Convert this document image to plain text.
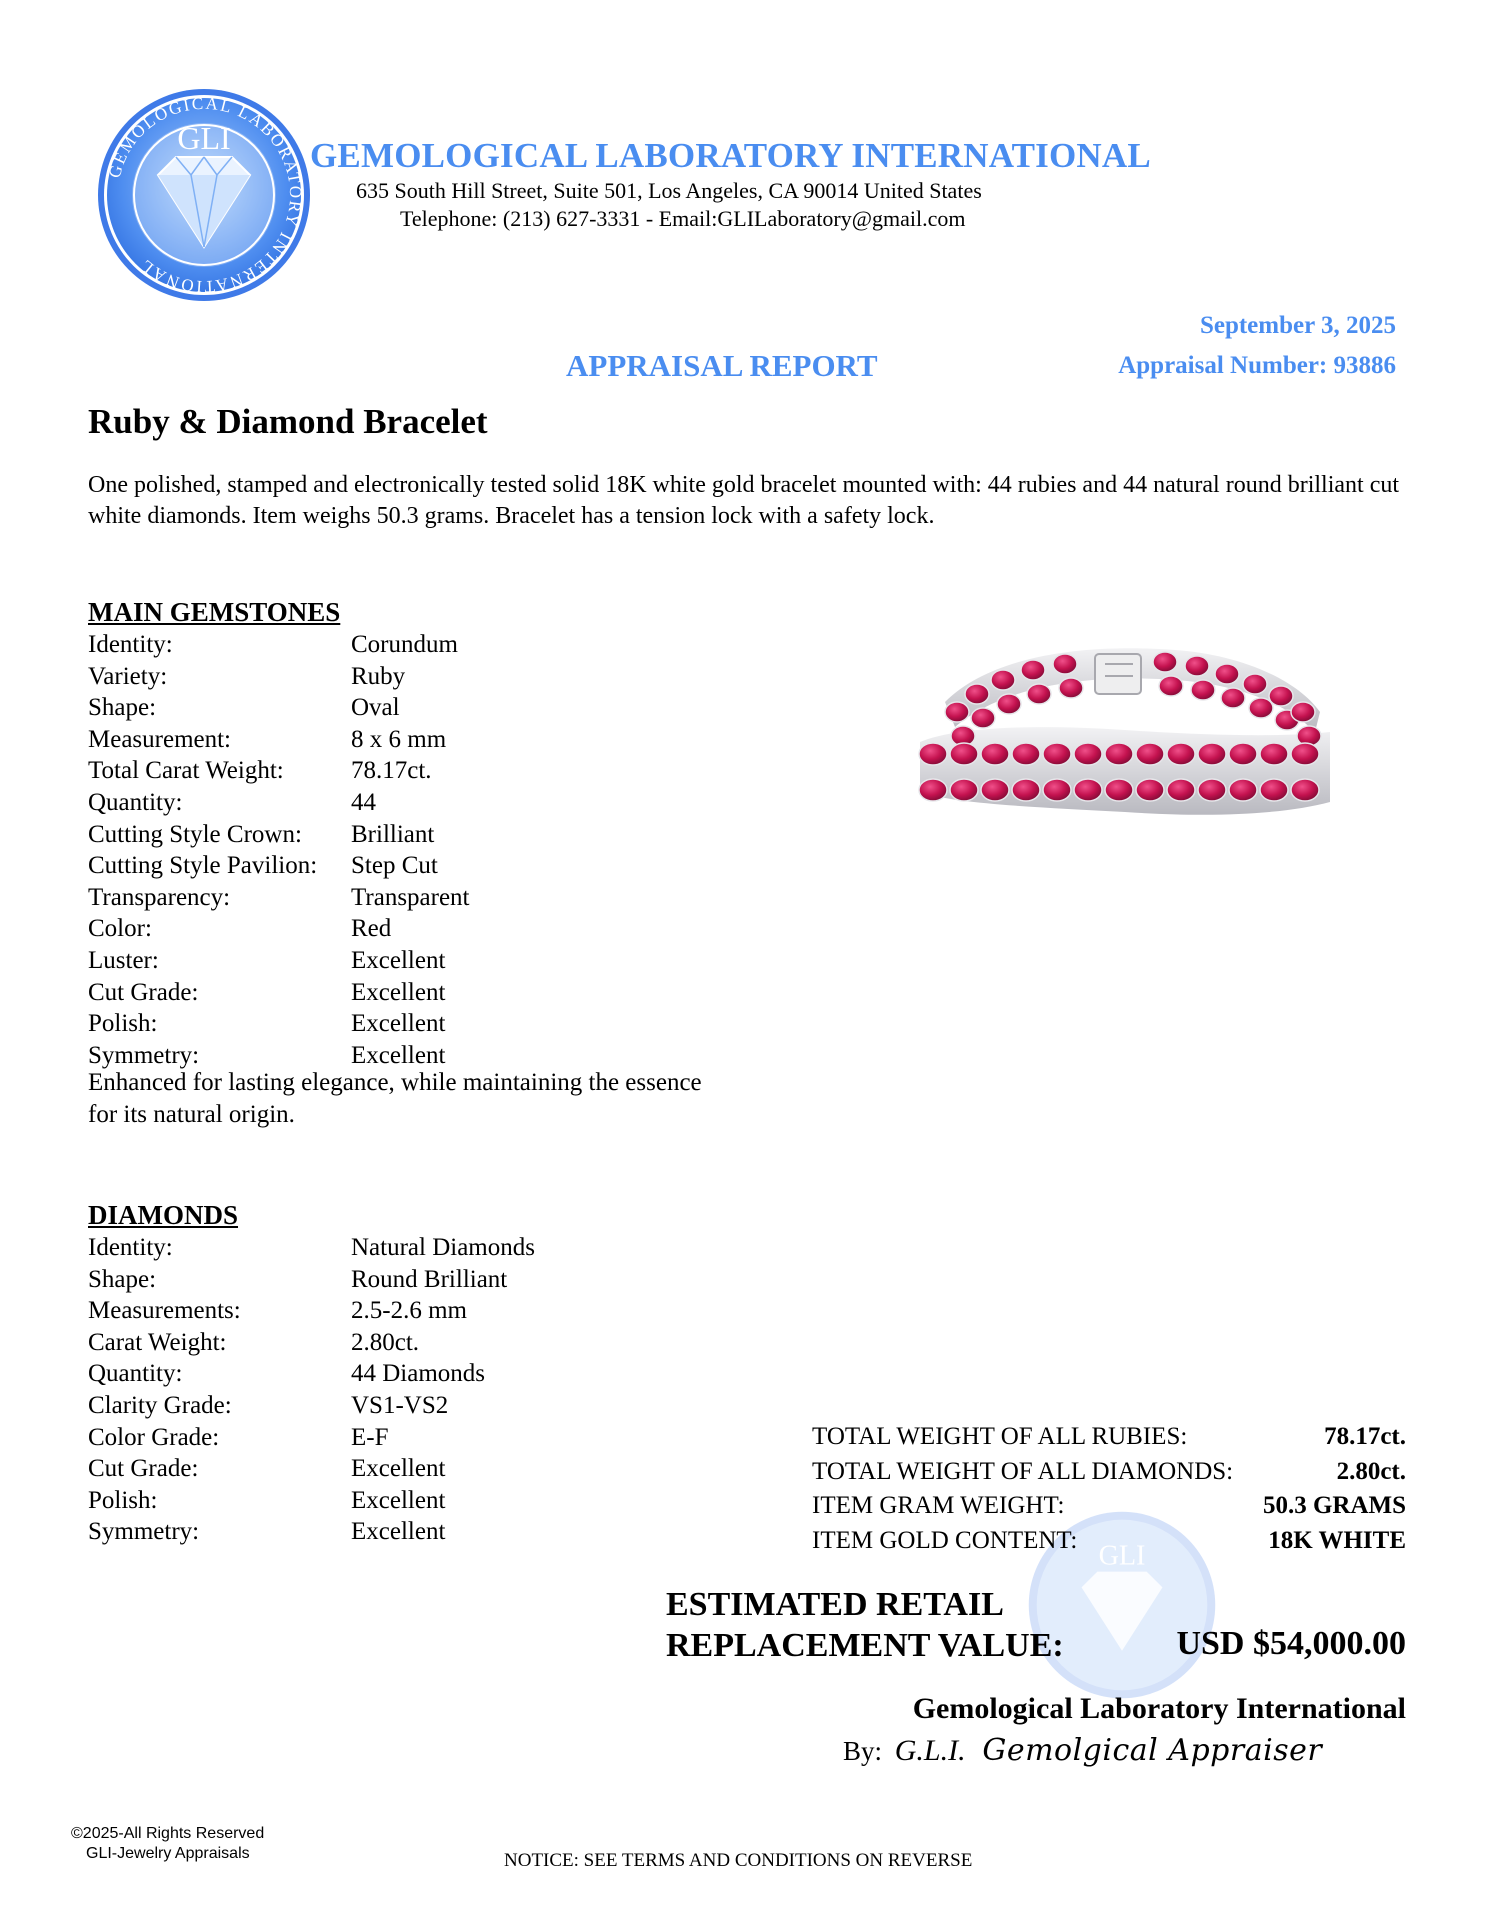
GEMOLOGICAL LABORATORY INTERNATIONAL
GLI GEMOLOGICAL LABORATORY INTERNATIONAL
635 South Hill Street, Suite 501, Los Angeles, CA 90014 United States
Telephone: (213) 627-3331 - Email:GLILaboratory@gmail.com
September 3, 2025
APPRAISAL REPORT	Appraisal Number: 93886
Ruby & Diamond Bracelet
One polished, stamped and electronically tested solid 18K white gold bracelet mounted with: 44 rubies and 44 natural round brilliant cut white diamonds. Item weighs 50.3 grams. Bracelet has a tension lock with a safety lock.
MAIN GEMSTONES
Identity:	Corundum
Variety:	Ruby
Shape:	Oval
Measurement:	8 x 6 mm
Total Carat Weight:	78.17ct.
Quantity:	44
Cutting Style Crown:	Brilliant
Cutting Style Pavilion:	Step Cut
Transparency:	Transparent
Color:	Red
Luster:	Excellent
Cut Grade:	Excellent
Polish:	Excellent
Symmetry:	Excellent
Enhanced for lasting elegance, while maintaining the essence for its natural origin.
DIAMONDS
Identity:	Natural Diamonds
Shape:	Round Brilliant
Measurements:	2.5-2.6 mm
Carat Weight:	2.80ct.
Quantity:	44 Diamonds
Clarity Grade:	VS1-VS2
Color Grade:	E-F
Cut Grade:	Excellent
Polish:	Excellent
Symmetry:	Excellent
GLI
TOTAL WEIGHT OF ALL RUBIES:	78.17ct.
TOTAL WEIGHT OF ALL DIAMONDS:	2.80ct.
ITEM GRAM WEIGHT:	50.3 GRAMS
ITEM GOLD CONTENT:	18K WHITE
ESTIMATED RETAIL
REPLACEMENT VALUE:	USD $54,000.00
Gemological Laboratory International
By: G.L.I. Gemolgical Appraiser
©2025-All Rights Reserved
GLI-Jewelry Appraisals	NOTICE: SEE TERMS AND CONDITIONS ON REVERSE
